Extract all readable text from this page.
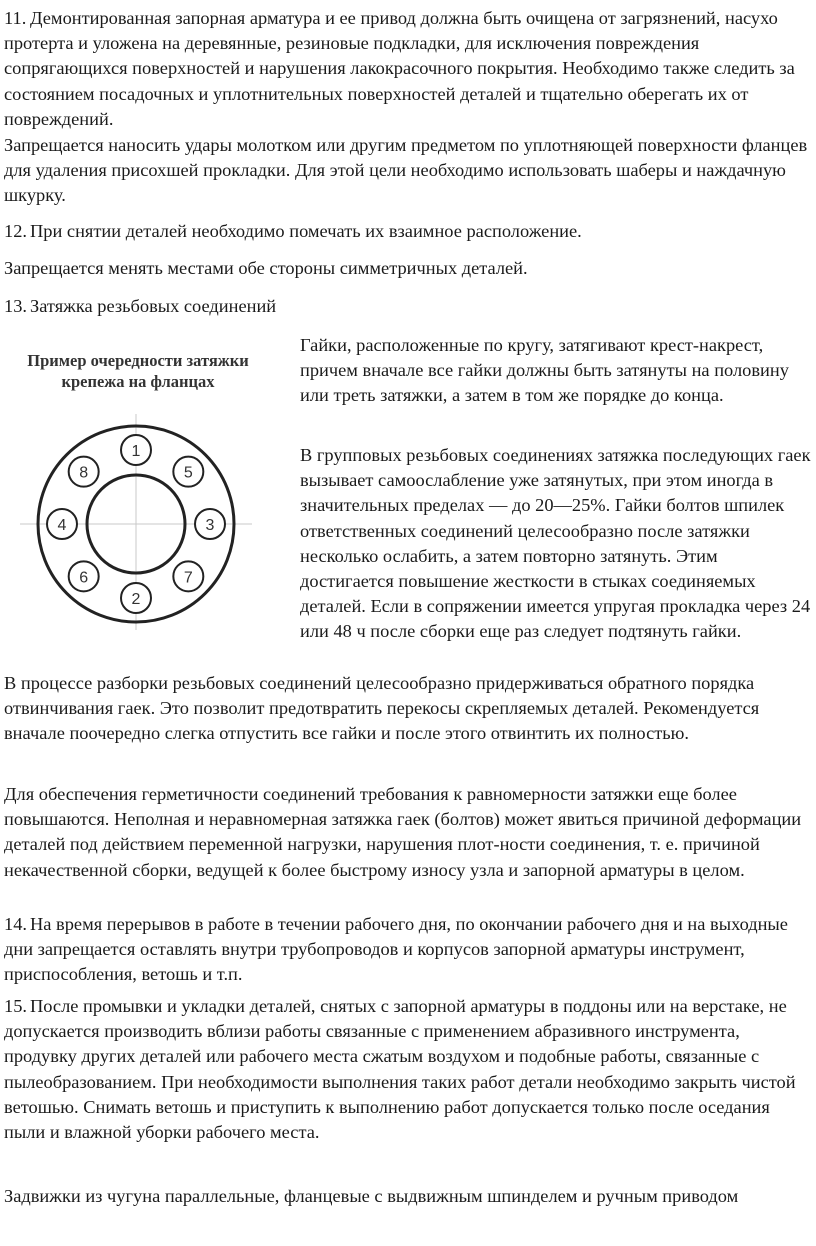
11. Демонтированная запорная арматура и ее привод должна быть очищена от загрязнений, насухо протерта и уложена на деревянные, резиновые подкладки, для исключения повреждения сопрягающихся поверхностей и нарушения лакокрасочного покрытия. Необходимо также следить за состоянием посадочных и уплотнительных поверхностей деталей и тщательно оберегать их от повреждений.

Запрещается наносить удары молотком или другим предметом по уплотняющей поверхности фланцев для удаления присохшей прокладки. Для этой цели необходимо использовать шаберы и наждачную шкурку.

12. При снятии деталей необходимо помечать их взаимное расположение.

Запрещается менять местами обе стороны симметричных деталей.

13. Затяжка резьбовых соединений

Пример очередности затяжки
крепежа на фланцах
1
2
3
4
5
6	7
8

Гайки, расположенные по кругу, затягивают крест-накрест, причем вначале все гайки должны быть затянуты на половину или треть затяжки, а затем в том же порядке до конца.

В групповых резьбовых соединениях затяжка последующих гаек вызывает самоослабление уже затянутых, при этом иногда в значительных пределах — до 20—25%. Гайки болтов шпилек ответственных соединений целесообразно после затяжки несколько ослабить, а затем повторно затянуть. Этим достигается повышение жесткости в стыках соединяемых деталей. Если в сопряжении имеется упругая прокладка через 24 или 48 ч после сборки еще раз следует подтянуть гайки.

В процессе разборки резьбовых соединений целесообразно придерживаться обратного порядка отвинчивания гаек. Это позволит предотвратить перекосы скрепляемых деталей. Рекомендуется вначале поочередно слегка отпустить все гайки и после этого отвинтить их полностью.

Для обеспечения герметичности соединений требования к равномерности затяжки еще более повышаются. Неполная и неравномерная затяжка гаек (болтов) может явиться причиной деформации деталей под действием переменной нагрузки, нарушения плот-ности соединения, т. е. причиной некачественной сборки, ведущей к более быстрому износу узла и запорной арматуры в целом.

14. На время перерывов в работе в течении рабочего дня, по окончании рабочего дня и на выходные дни запрещается оставлять внутри трубопроводов и корпусов запорной арматуры инструмент, приспособления, ветошь и т.п.

15. После промывки и укладки деталей, снятых с запорной арматуры в поддоны или на верстаке, не допускается производить вблизи работы связанные с применением абразивного инструмента, продувку других деталей или рабочего места сжатым воздухом и подобные работы, связанные с пылеобразованием. При необходимости выполнения таких работ детали необходимо закрыть чистой ветошью. Снимать ветошь и приступить к выполнению работ допускается только после оседания пыли и влажной уборки рабочего места.

Задвижки из чугуна параллельные, фланцевые с выдвижным шпинделем и ручным приводом
